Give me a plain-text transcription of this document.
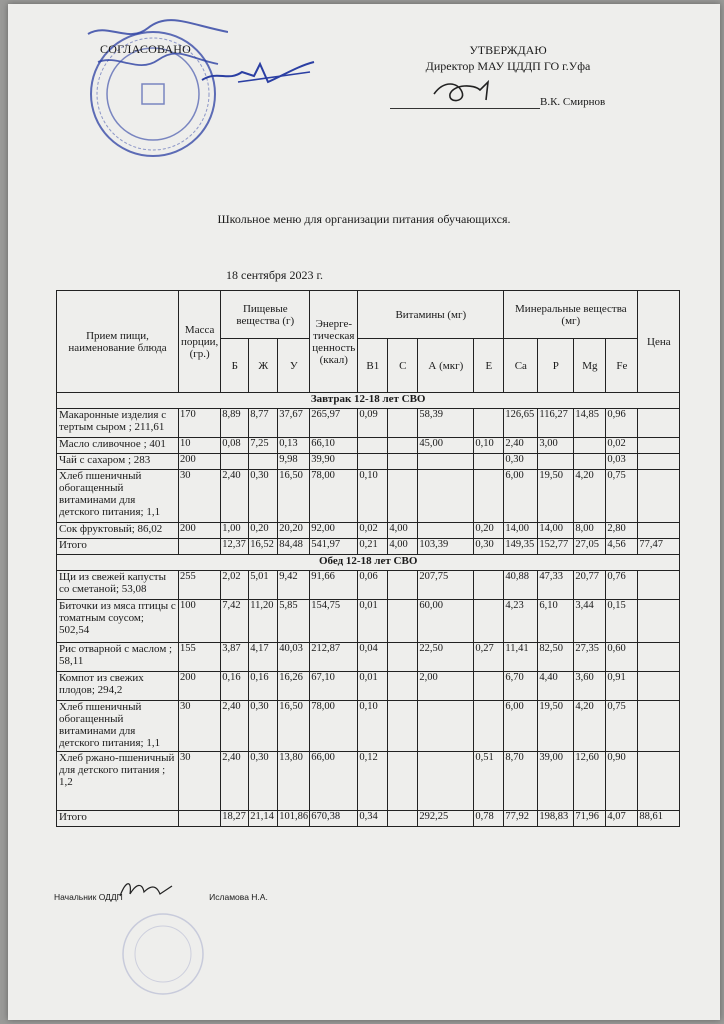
СОГЛАСОВАНО	УТВЕРЖДАЮ
Директор МАУ ЦДДП ГО г.Уфа
В.К. Смирнов
Школьное меню для организации питания обучающихся.
18 сентября 2023 г.
Прием пищи, наименование блюда	Масса порции, (гр.)	Пищевые вещества (г)			Энерге-тическая ценность (ккал)	Витамины (мг)				Минеральные вещества (мг)				Цена
		Б	Ж	У		В1	С	А (мкг)	Е	Са	Р	Mg	Fe	
Завтрак 12-18 лет СВО														
Макаронные изделия с тертым сыром ; 211,61	170	8,89	8,77	37,67	265,97	0,09		58,39		126,65	116,27	14,85	0,96	
Масло сливочное ; 401	10	0,08	7,25	0,13	66,10			45,00	0,10	2,40	3,00		0,02	
Чай с сахаром ; 283	200			9,98	39,90					0,30			0,03	
Хлеб пшеничный обогащенный витаминами для детского питания; 1,1	30	2,40	0,30	16,50	78,00	0,10				6,00	19,50	4,20	0,75	
Сок фруктовый; 86,02	200	1,00	0,20	20,20	92,00	0,02	4,00		0,20	14,00	14,00	8,00	2,80	
Итого		12,37	16,52	84,48	541,97	0,21	4,00	103,39	0,30	149,35	152,77	27,05	4,56	77,47
Обед 12-18 лет СВО														
Щи из свежей капусты со сметаной; 53,08	255	2,02	5,01	9,42	91,66	0,06		207,75		40,88	47,33	20,77	0,76	
Биточки из мяса птицы с томатным соусом; 502,54	100	7,42	11,20	5,85	154,75	0,01		60,00		4,23	6,10	3,44	0,15	
Рис отварной с маслом ; 58,11	155	3,87	4,17	40,03	212,87	0,04		22,50	0,27	11,41	82,50	27,35	0,60	
Компот из свежих плодов; 294,2	200	0,16	0,16	16,26	67,10	0,01		2,00		6,70	4,40	3,60	0,91	
Хлеб пшеничный обогащенный витаминами для детского питания; 1,1	30	2,40	0,30	16,50	78,00	0,10				6,00	19,50	4,20	0,75	
Хлеб ржано-пшеничный для детского питания ; 1,2	30	2,40	0,30	13,80	66,00	0,12			0,51	8,70	39,00	12,60	0,90	
Итого		18,27	21,14	101,86	670,38	0,34		292,25	0,78	77,92	198,83	71,96	4,07	88,61
Начальник ОДДП	Исламова Н.А.
